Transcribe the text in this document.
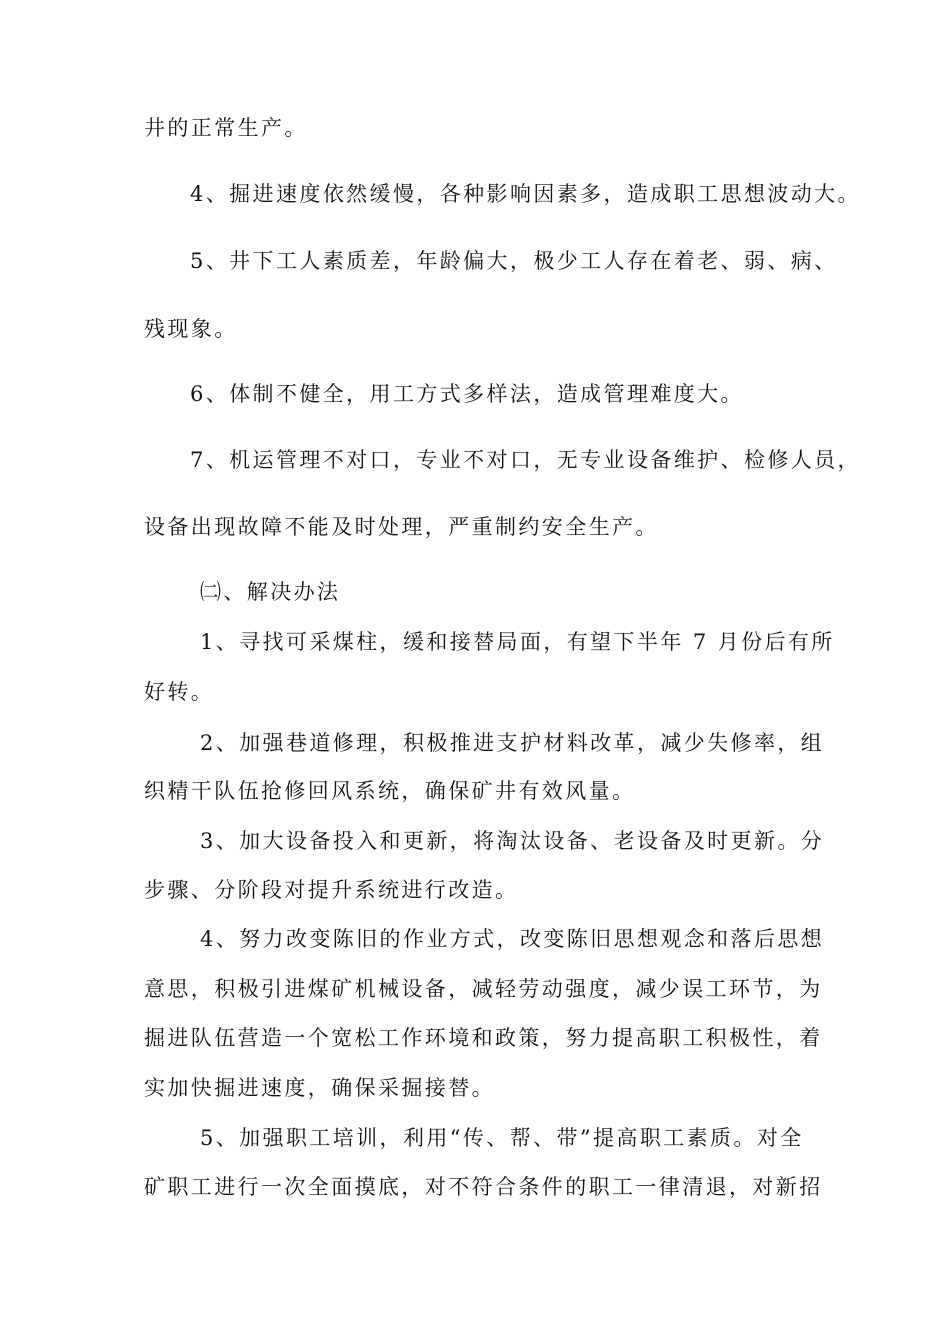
井的正常生产。

4、掘进速度依然缓慢，各种影响因素多，造成职工思想波动大。

5、井下工人素质差，年龄偏大，极少工人存在着老、弱、病、

残现象。

6、体制不健全，用工方式多样法，造成管理难度大。

7、机运管理不对口，专业不对口，无专业设备维护、检修人员，

设备出现故障不能及时处理，严重制约安全生产。

㈡、解决办法

1、寻找可采煤柱，缓和接替局面，有望下半年 7 月份后有所

好转。

2、加强巷道修理，积极推进支护材料改革，减少失修率，组

织精干队伍抢修回风系统，确保矿井有效风量。

3、加大设备投入和更新，将淘汰设备、老设备及时更新。分

步骤、分阶段对提升系统进行改造。

4、努力改变陈旧的作业方式，改变陈旧思想观念和落后思想

意思，积极引进煤矿机械设备，减轻劳动强度，减少误工环节，为

掘进队伍营造一个宽松工作环境和政策，努力提高职工积极性，着

实加快掘进速度，确保采掘接替。

5、加强职工培训，利用“传、帮、带”提高职工素质。对全

矿职工进行一次全面摸底，对不符合条件的职工一律清退，对新招
